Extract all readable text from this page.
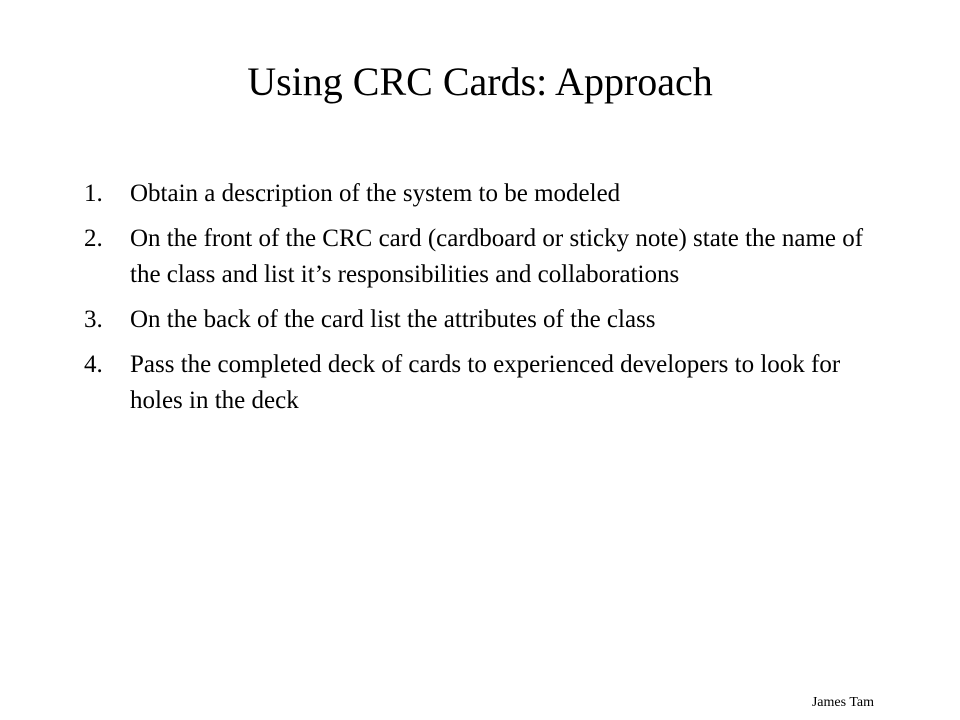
Using CRC Cards: Approach
1.	Obtain a description of the system to be modeled
2.	On the front of the CRC card (cardboard or sticky note) state the name of the class and list it’s responsibilities and collaborations
3.	On the back of the card list the attributes of the class
4.	Pass the completed deck of cards to experienced developers to look for holes in the deck
James Tam
